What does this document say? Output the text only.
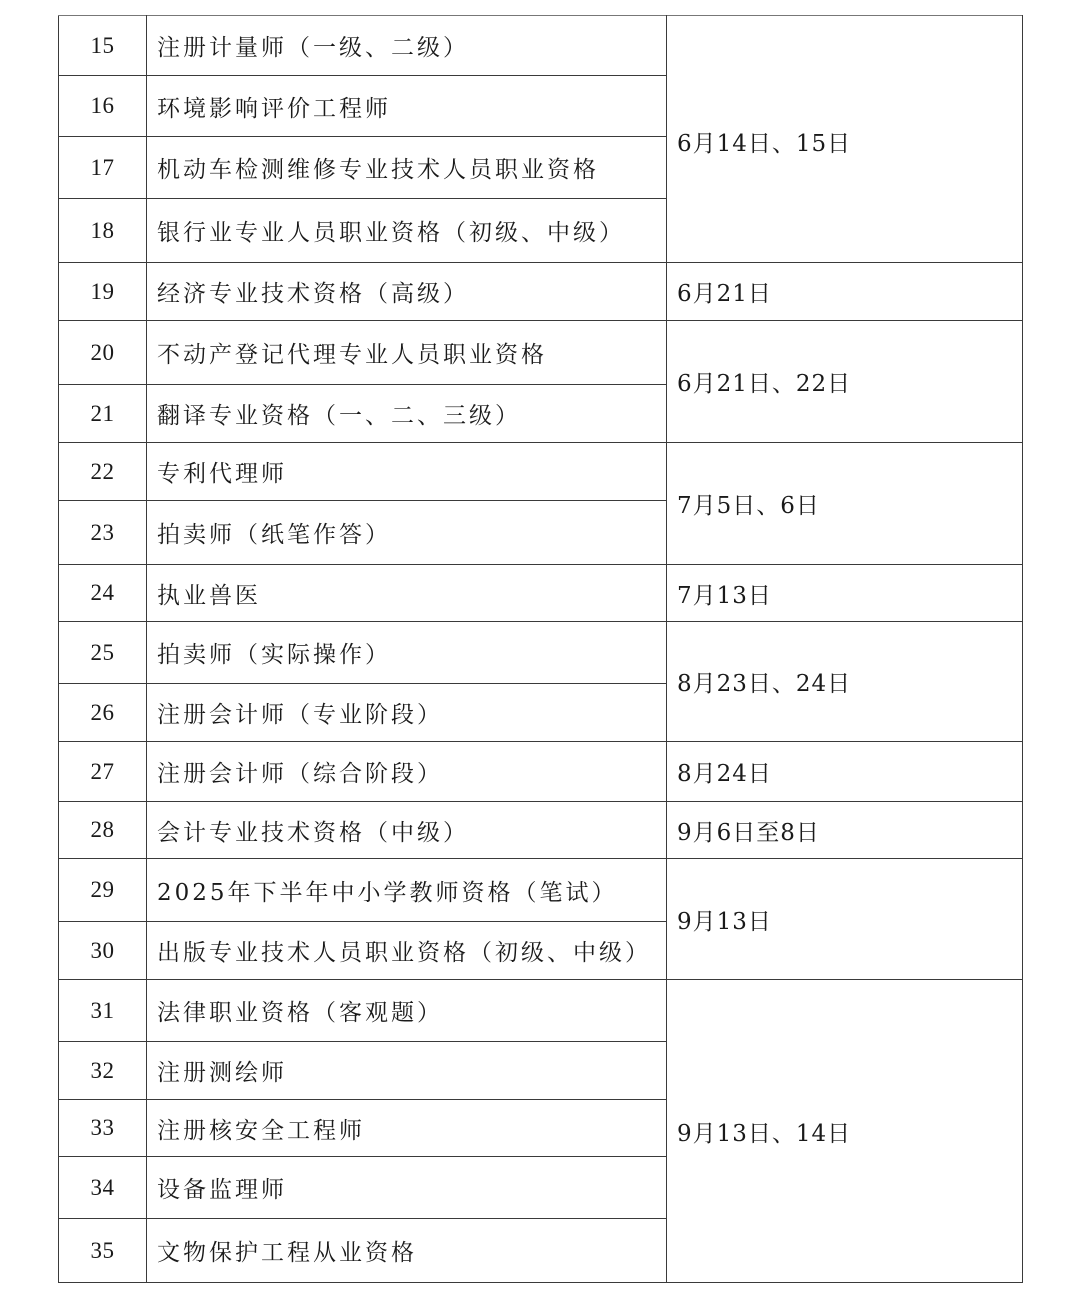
15	注册计量师（一级、二级）	6月14日、15日
16	环境影响评价工程师	
17	机动车检测维修专业技术人员职业资格	
18	银行业专业人员职业资格（初级、中级）	
19	经济专业技术资格（高级）	6月21日
20	不动产登记代理专业人员职业资格	6月21日、22日
21	翻译专业资格（一、二、三级）	
22	专利代理师	7月5日、6日
23	拍卖师（纸笔作答）	
24	执业兽医	7月13日
25	拍卖师（实际操作）	8月23日、24日
26	注册会计师（专业阶段）	
27	注册会计师（综合阶段）	8月24日
28	会计专业技术资格（中级）	9月6日至8日
29	2025年下半年中小学教师资格（笔试）	9月13日
30	出版专业技术人员职业资格（初级、中级）	
31	法律职业资格（客观题）	9月13日、14日
32	注册测绘师	
33	注册核安全工程师	
34	设备监理师	
35	文物保护工程从业资格	
